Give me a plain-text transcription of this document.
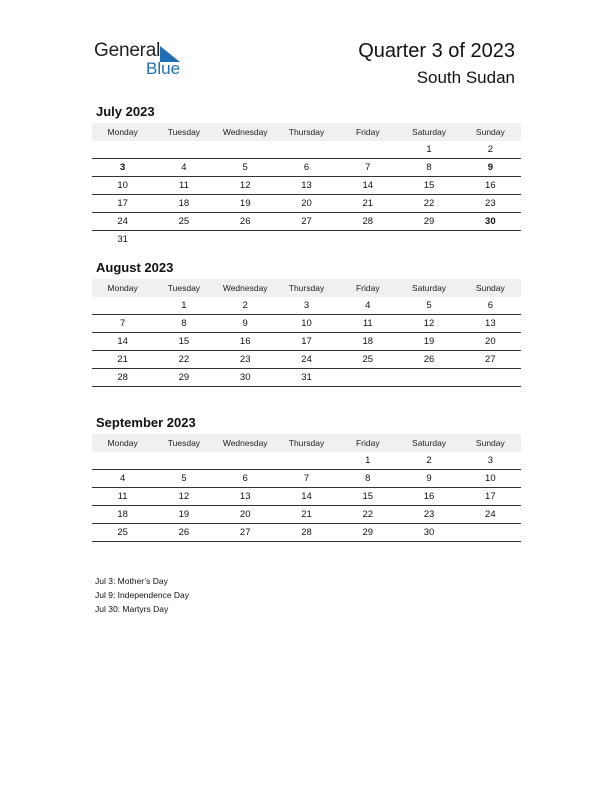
General
Blue
Quarter 3 of 2023
South Sudan
July 2023
Monday	Tuesday	Wednesday	Thursday	Friday	Saturday	Sunday
					1	2
3	4	5	6	7	8	9
10	11	12	13	14	15	16
17	18	19	20	21	22	23
24	25	26	27	28	29	30
31						
August 2023
Monday	Tuesday	Wednesday	Thursday	Friday	Saturday	Sunday
	1	2	3	4	5	6
7	8	9	10	11	12	13
14	15	16	17	18	19	20
21	22	23	24	25	26	27
28	29	30	31			
September 2023
Monday	Tuesday	Wednesday	Thursday	Friday	Saturday	Sunday
				1	2	3
4	5	6	7	8	9	10
11	12	13	14	15	16	17
18	19	20	21	22	23	24
25	26	27	28	29	30	
Jul 3: Mother’s Day
Jul 9: Independence Day
Jul 30: Martyrs Day
